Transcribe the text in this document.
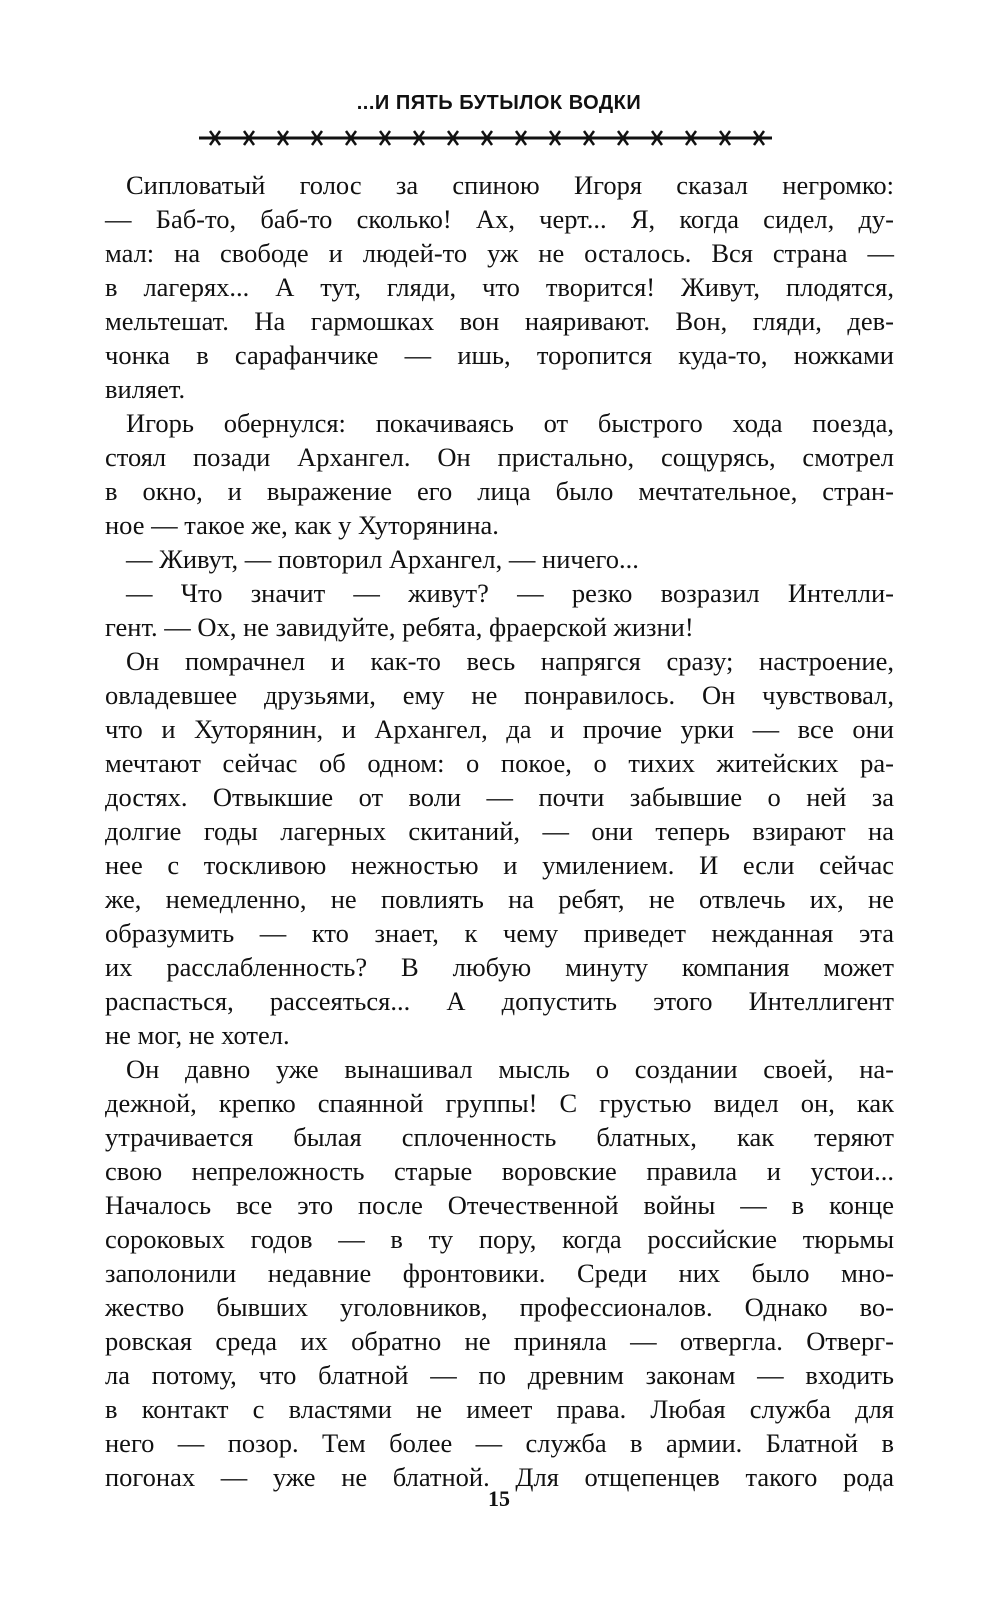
...И ПЯТЬ БУТЫЛОК ВОДКИ
Сипловатый голос за спиною Игоря сказал негромко:
— Баб-то, баб-то сколько! Ах, черт... Я, когда сидел, ду-
мал: на свободе и людей-то уж не осталось. Вся страна —
в лагерях... А тут, гляди, что творится! Живут, плодятся,
мельтешат. На гармошках вон наяривают. Вон, гляди, дев-
чонка в сарафанчике — ишь, торопится куда-то, ножками
виляет.
Игорь обернулся: покачиваясь от быстрого хода поезда,
стоял позади Архангел. Он пристально, сощурясь, смотрел
в окно, и выражение его лица было мечтательное, стран-
ное — такое же, как у Хуторянина.
— Живут, — повторил Архангел, — ничего...
— Что значит — живут? — резко возразил Интелли-
гент. — Ох, не завидуйте, ребята, фраерской жизни!
Он помрачнел и как-то весь напрягся сразу; настроение,
овладевшее друзьями, ему не понравилось. Он чувствовал,
что и Хуторянин, и Архангел, да и прочие урки — все они
мечтают сейчас об одном: о покое, о тихих житейских ра-
достях. Отвыкшие от воли — почти забывшие о ней за
долгие годы лагерных скитаний, — они теперь взирают на
нее с тоскливою нежностью и умилением. И если сейчас
же, немедленно, не повлиять на ребят, не отвлечь их, не
образумить — кто знает, к чему приведет нежданная эта
их расслабленность? В любую минуту компания может
распасться, рассеяться... А допустить этого Интеллигент
не мог, не хотел.
Он давно уже вынашивал мысль о создании своей, на-
дежной, крепко спаянной группы! С грустью видел он, как
утрачивается былая сплоченность блатных, как теряют
свою непреложность старые воровские правила и устои...
Началось все это после Отечественной войны — в конце
сороковых годов — в ту пору, когда российские тюрьмы
заполонили недавние фронтовики. Среди них было мно-
жество бывших уголовников, профессионалов. Однако во-
ровская среда их обратно не приняла — отвергла. Отверг-
ла потому, что блатной — по древним законам — входить
в контакт с властями не имеет права. Любая служба для
него — позор. Тем более — служба в армии. Блатной в
погонах — уже не блатной. Для отщепенцев такого рода
15
